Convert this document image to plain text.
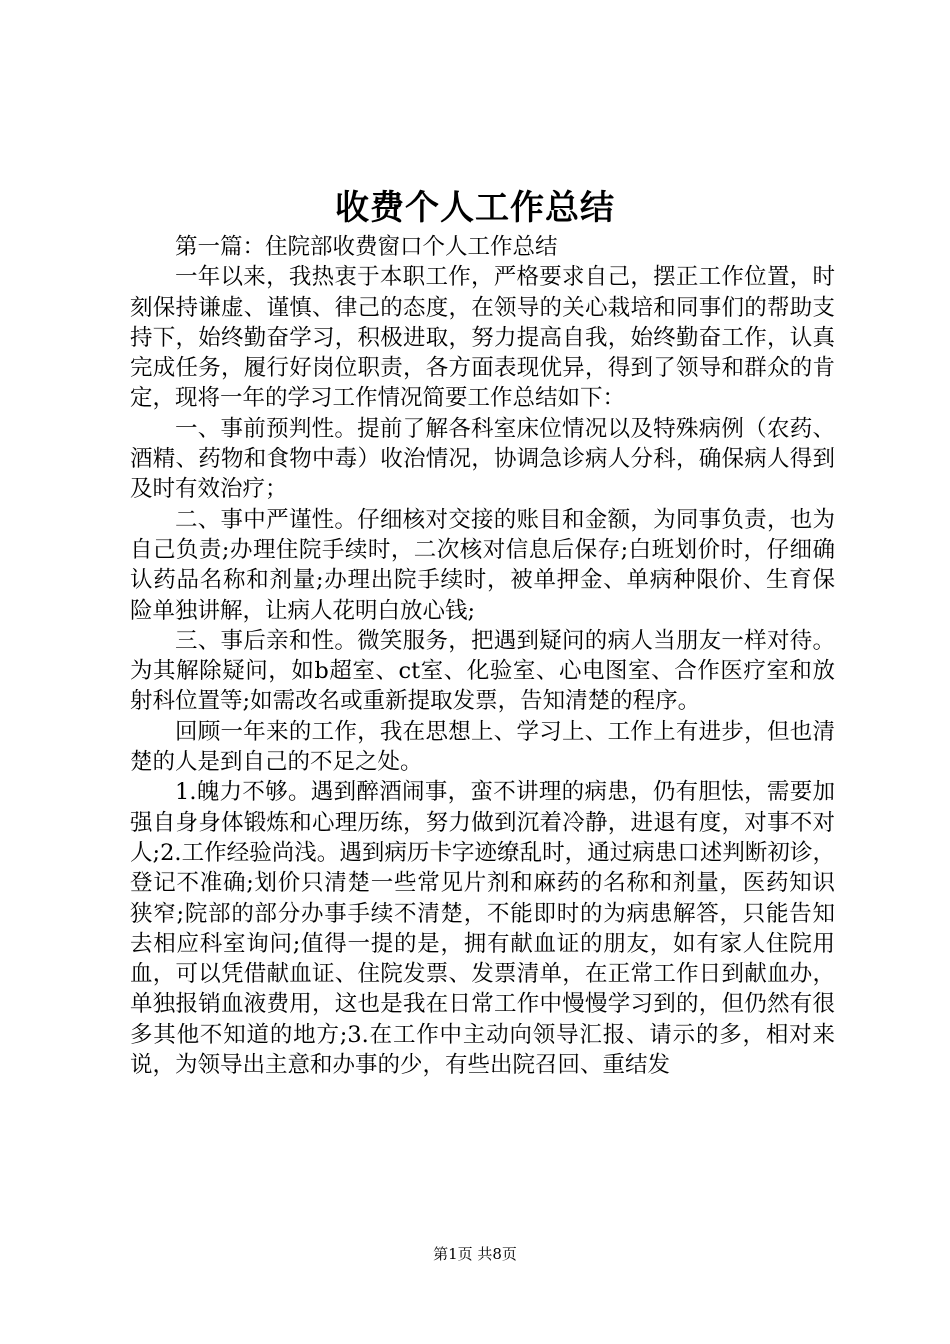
收费个人工作总结

第一篇：住院部收费窗口个人工作总结

一年以来，我热衷于本职工作，严格要求自己，摆正工作位置，时刻保持谦虚、谨慎、律己的态度，在领导的关心栽培和同事们的帮助支持下，始终勤奋学习，积极进取，努力提高自我，始终勤奋工作，认真完成任务，履行好岗位职责，各方面表现优异，得到了领导和群众的肯定，现将一年的学习工作情况简要工作总结如下：

一、事前预判性。提前了解各科室床位情况以及特殊病例（农药、酒精、药物和食物中毒）收治情况，协调急诊病人分科，确保病人得到及时有效治疗；

二、事中严谨性。仔细核对交接的账目和金额，为同事负责，也为自己负责;办理住院手续时，二次核对信息后保存;白班划价时，仔细确认药品名称和剂量;办理出院手续时，被单押金、单病种限价、生育保险单独讲解，让病人花明白放心钱;

三、事后亲和性。微笑服务，把遇到疑问的病人当朋友一样对待。为其解除疑问，如b超室、ct室、化验室、心电图室、合作医疗室和放射科位置等;如需改名或重新提取发票，告知清楚的程序。

回顾一年来的工作，我在思想上、学习上、工作上有进步，但也清楚的人是到自己的不足之处。

1.魄力不够。遇到醉酒闹事，蛮不讲理的病患，仍有胆怯，需要加强自身身体锻炼和心理历练，努力做到沉着冷静，进退有度，对事不对人;2.工作经验尚浅。遇到病历卡字迹缭乱时，通过病患口述判断初诊，登记不准确;划价只清楚一些常见片剂和麻药的名称和剂量，医药知识狭窄;院部的部分办事手续不清楚，不能即时的为病患解答，只能告知去相应科室询问;值得一提的是，拥有献血证的朋友，如有家人住院用血，可以凭借献血证、住院发票、发票清单，在正常工作日到献血办，单独报销血液费用，这也是我在日常工作中慢慢学习到的，但仍然有很多其他不知道的地方;3.在工作中主动向领导汇报、请示的多，相对来说，为领导出主意和办事的少，有些出院召回、重结发

第1页 共8页
